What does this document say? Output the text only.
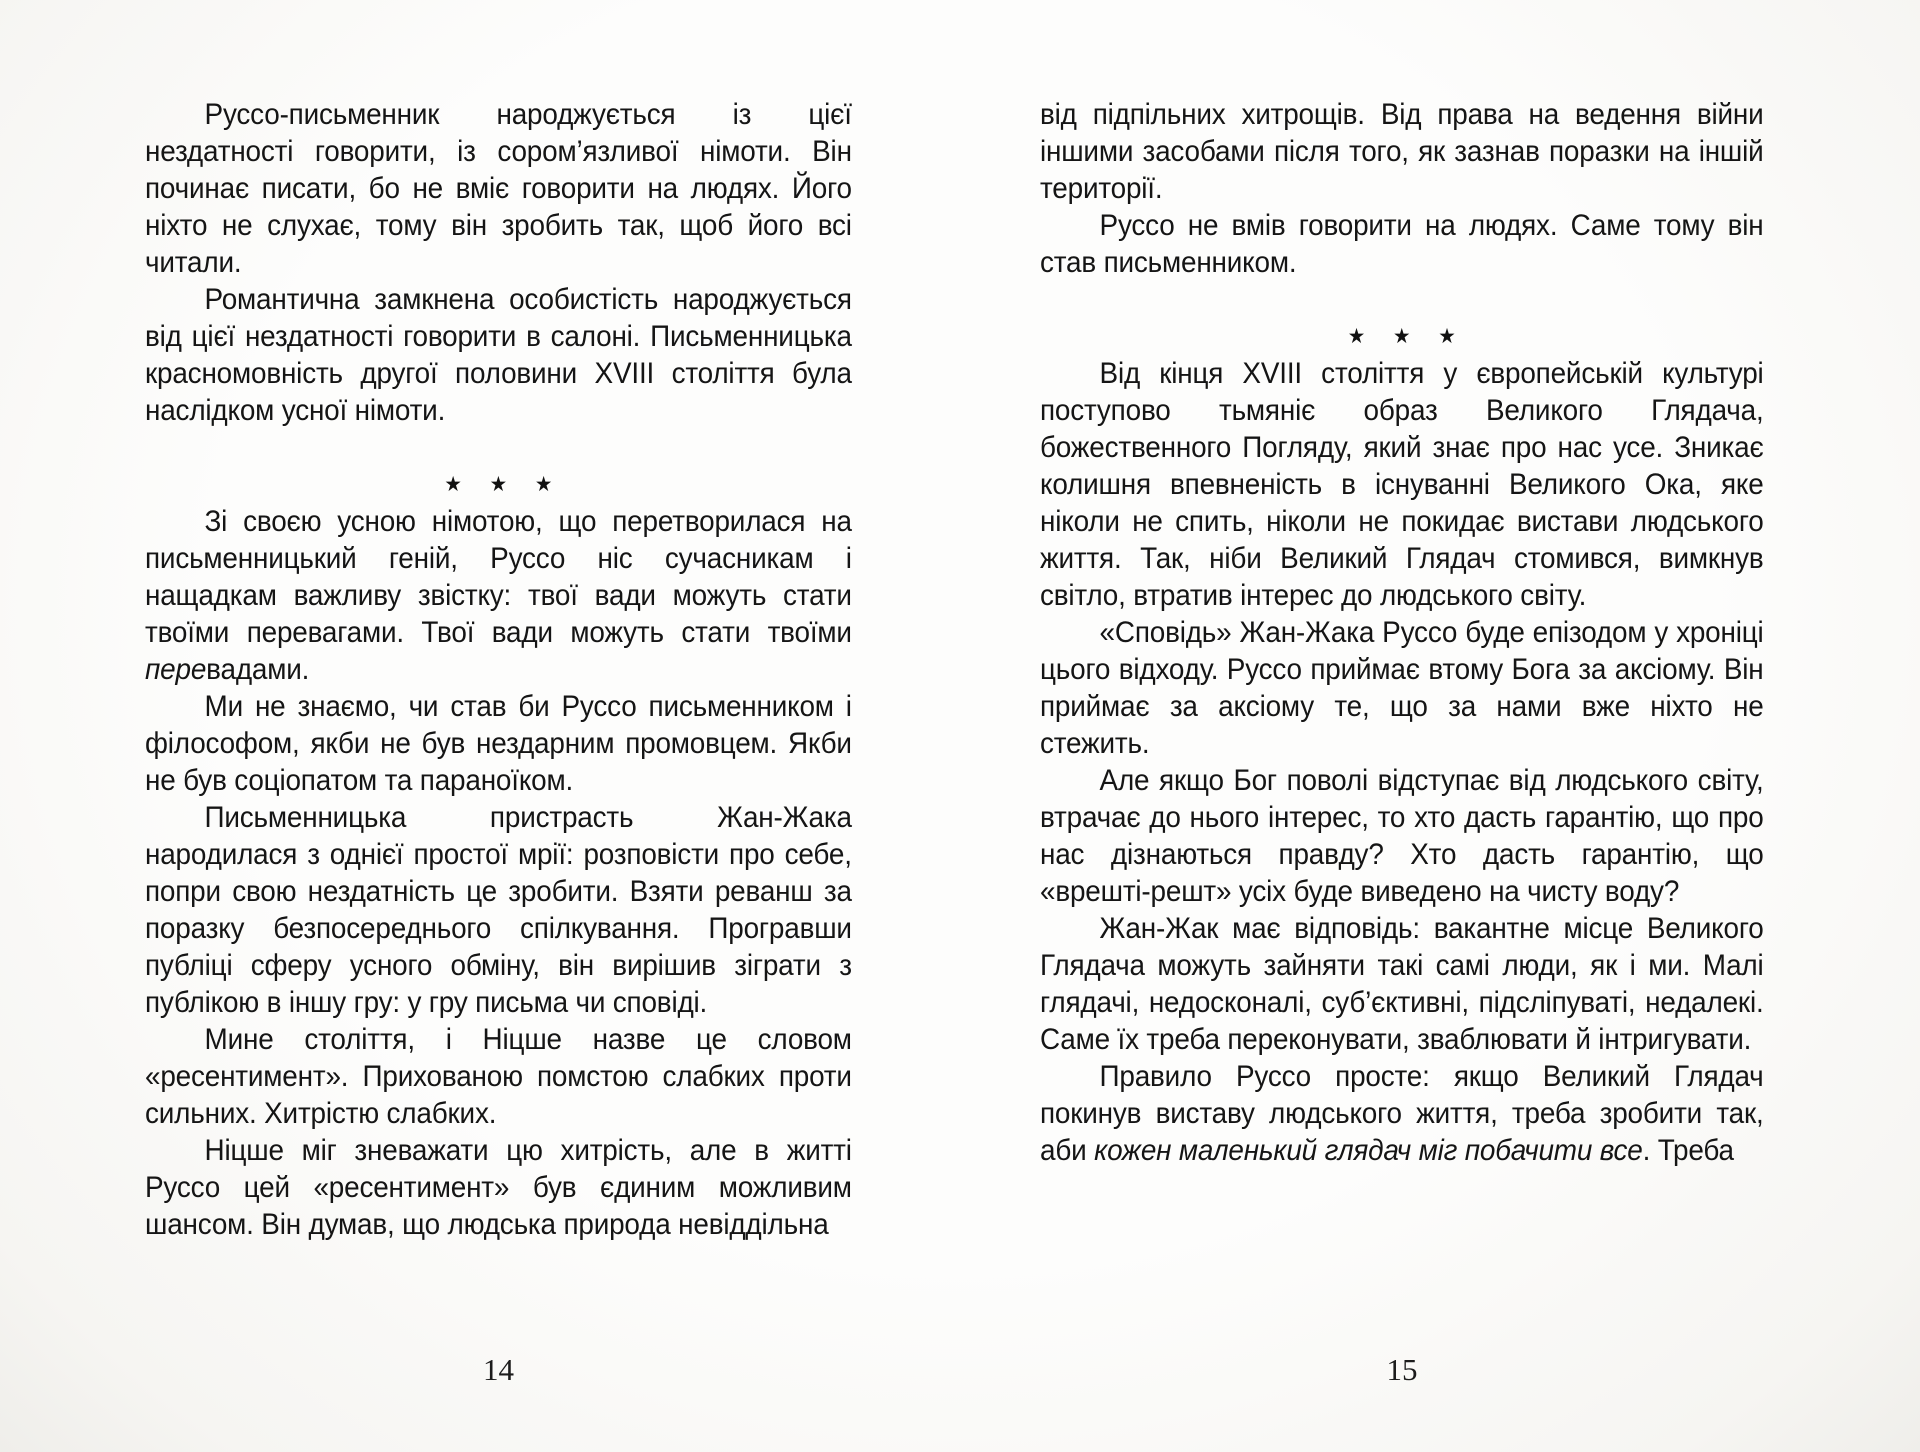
Руссо-письменник народжується із цієї нездатності говорити, із сором’язливої німоти. Він починає писати, бо не вміє говорити на людях. Його ніхто не слухає, тому він зробить так, щоб його всі читали.
Романтична замкнена особистість народжується від цієї нездатності говорити в салоні. Письменницька красномовність другої половини XVIII століття була наслідком усної німоти.
★ ★ ★
Зі своєю усною німотою, що перетворилася на письменницький геній, Руссо ніс сучасникам і нащадкам важливу звістку: твої вади можуть стати твоїми перевагами. Твої вади можуть стати твоїми перевадами.
Ми не знаємо, чи став би Руссо письменником і філософом, якби не був нездарним промовцем. Якби не був соціопатом та параноїком.
Письменницька пристрасть Жан-Жака народилася з однієї простої мрії: розповісти про себе, попри свою нездатність це зробити. Взяти реванш за поразку безпосереднього спілкування. Програвши публіці сферу усного обміну, він вирішив зіграти з публікою в іншу гру: у гру письма чи сповіді.
Мине століття, і Ніцше назве це словом «ресентимент». Прихованою помстою слабких проти сильних. Хитрістю слабких.
Ніцше міг зневажати цю хитрість, але в житті Руссо цей «ресентимент» був єдиним можливим шансом. Він думав, що людська природа невіддільна
від підпільних хитрощів. Від права на ведення війни іншими засобами після того, як зазнав поразки на іншій території.
Руссо не вмів говорити на людях. Саме тому він став письменником.
★ ★ ★
Від кінця XVIII століття у європейській культурі поступово тьмяніє образ Великого Глядача, божественного Погляду, який знає про нас усе. Зникає колишня впевненість в існуванні Великого Ока, яке ніколи не спить, ніколи не покидає вистави людського життя. Так, ніби Великий Глядач стомився, вимкнув світло, втратив інтерес до людського світу.
«Сповідь» Жан-Жака Руссо буде епізодом у хроніці цього відходу. Руссо приймає втому Бога за аксіому. Він приймає за аксіому те, що за нами вже ніхто не стежить.
Але якщо Бог поволі відступає від людського світу, втрачає до нього інтерес, то хто дасть гарантію, що про нас дізнаються правду? Хто дасть гарантію, що «врешті-решт» усіх буде виведено на чисту воду?
Жан-Жак має відповідь: вакантне місце Великого Глядача можуть зайняти такі самі люди, як і ми. Малі глядачі, недосконалі, суб’єктивні, підсліпуваті, недалекі. Саме їх треба переконувати, зваблювати й інтригувати.
Правило Руссо просте: якщо Великий Глядач покинув виставу людського життя, треба зробити так, аби кожен маленький глядач міг побачити все. Треба
14	15
